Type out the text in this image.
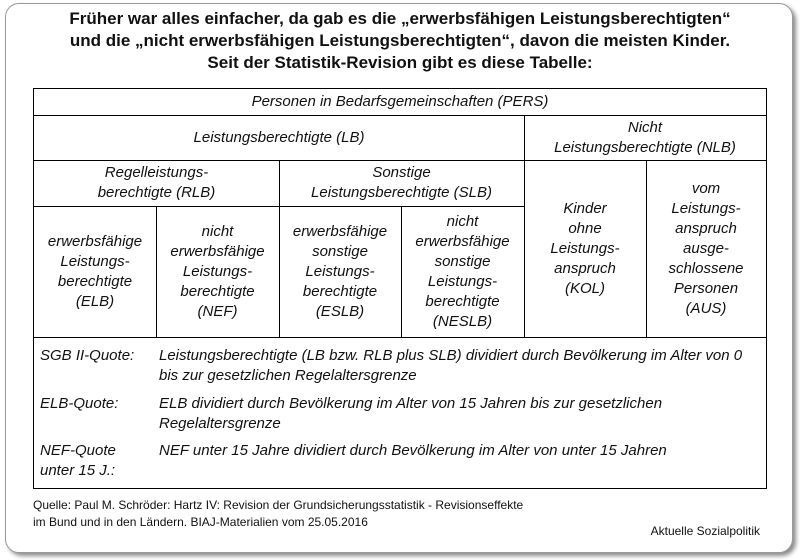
Früher war alles einfacher, da gab es die „erwerbsfähigen Leistungsberechtigten“
und die „nicht erwerbsfähigen Leistungsberechtigten“, davon die meisten Kinder.
Seit der Statistik-Revision gibt es diese Tabelle:
Personen in Bedarfsgemeinschaften (PERS)
Leistungsberechtigte (LB)
Nicht
Leistungsberechtigte (NLB)
Regelleistungs-
berechtigte (RLB)
Sonstige
Leistungsberechtigte (SLB)
erwerbsfähige
Leistungs-
berechtigte
(ELB)
nicht
erwerbsfähige
Leistungs-
berechtigte
(NEF)
erwerbsfähige
sonstige
Leistungs-
berechtigte
(ESLB)
nicht
erwerbsfähige
sonstige
Leistungs-
berechtigte
(NESLB)
Kinder
ohne
Leistungs-
anspruch
(KOL)
vom
Leistungs-
anspruch
ausge-
schlossene
Personen
(AUS)
SGB II-Quote: Leistungsberechtigte (LB bzw. RLB plus SLB) dividiert durch Bevölkerung im Alter von 0 bis zur gesetzlichen Regelaltersgrenze
ELB-Quote:	ELB dividiert durch Bevölkerung im Alter von 15 Jahren bis zur gesetzlichen Regelaltersgrenze
NEF-Quote
unter 15 J.:
NEF unter 15 Jahre dividiert durch Bevölkerung im Alter von unter 15 Jahren
Quelle: Paul M. Schröder: Hartz IV: Revision der Grundsicherungsstatistik - Revisionseffekte
im Bund und in den Ländern. BIAJ-Materialien vom 25.05.2016
Aktuelle Sozialpolitik
